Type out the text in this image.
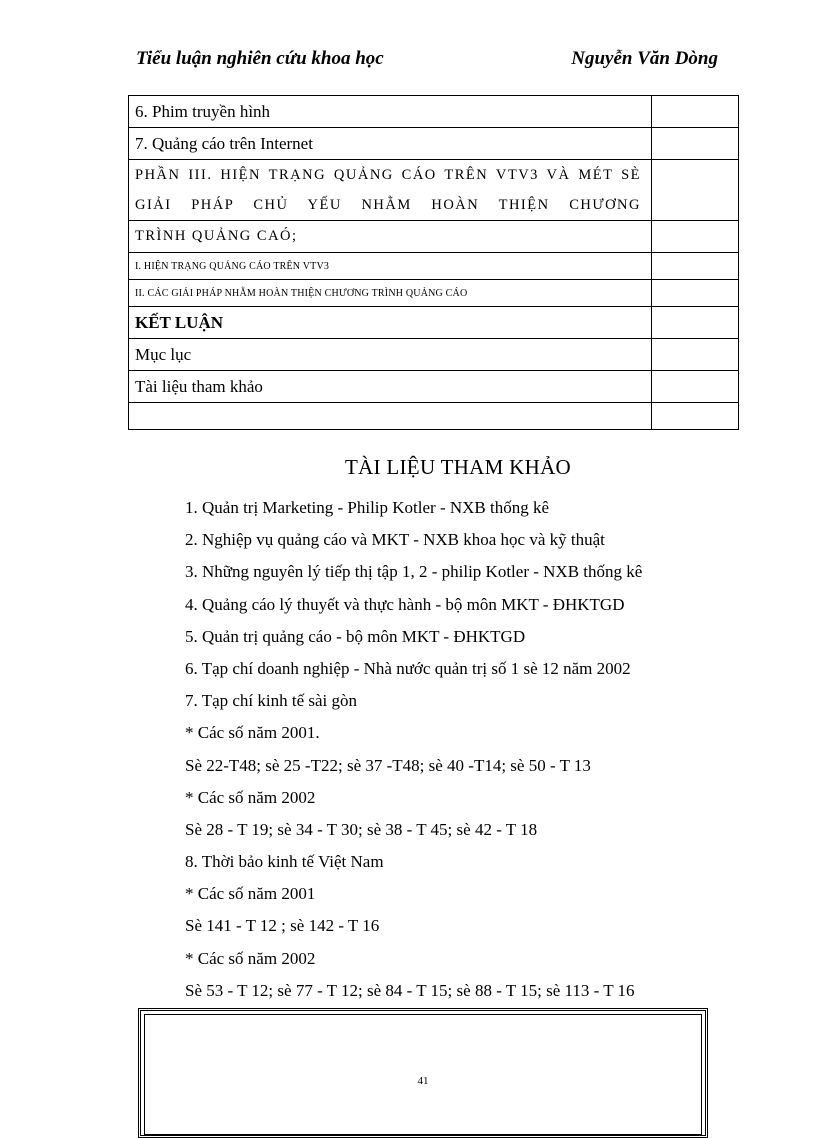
Tiểu luận nghiên cứu khoa học	Nguyễn Văn Dòng
6. Phim truyền hình	
7. Quảng cáo trên Internet	
PHẦN III. HIỆN TRẠNG QUẢNG CÁO TRÊN VTV3 VÀ MÉT SÈ GIẢI PHÁP CHỦ YẾU NHẰM HOÀN THIỆN CHƯƠNG	
TRÌNH QUẢNG CAÓ;	
I. HIỆN TRẠNG QUẢNG CÁO TRÊN VTV3	
II. CÁC GIẢI PHÁP NHẰM HOÀN THIỆN CHƯƠNG TRÌNH QUẢNG CÁO	
KẾT LUẬN	
Mục lục	
Tài liệu tham khảo	

TÀI LIỆU THAM KHẢO
1. Quản trị Marketing - Philip Kotler - NXB thống kê
2. Nghiệp vụ quảng cáo và MKT - NXB khoa học và kỹ thuật
3. Những nguyên lý tiếp thị tập 1, 2 - philip Kotler - NXB thống kê
4. Quảng cáo lý thuyết và thực hành - bộ môn MKT - ĐHKTGD
5. Quản trị quảng cáo - bộ môn MKT - ĐHKTGD
6. Tạp chí doanh nghiệp - Nhà nước quản trị số 1 sè 12 năm 2002
7. Tạp chí kinh tế sài gòn
* Các số năm 2001.
Sè 22-T48; sè 25 -T22; sè 37 -T48; sè 40 -T14; sè 50 - T 13
* Các số năm 2002
Sè 28 - T 19; sè 34 - T 30; sè 38 - T 45; sè 42 - T 18
8. Thời bảo kinh tế Việt Nam
* Các số năm 2001
Sè 141 - T 12 ; sè 142 - T 16
* Các số năm 2002
Sè 53 - T 12; sè 77 - T 12; sè 84 - T 15; sè 88 - T 15; sè 113 - T 16
41
